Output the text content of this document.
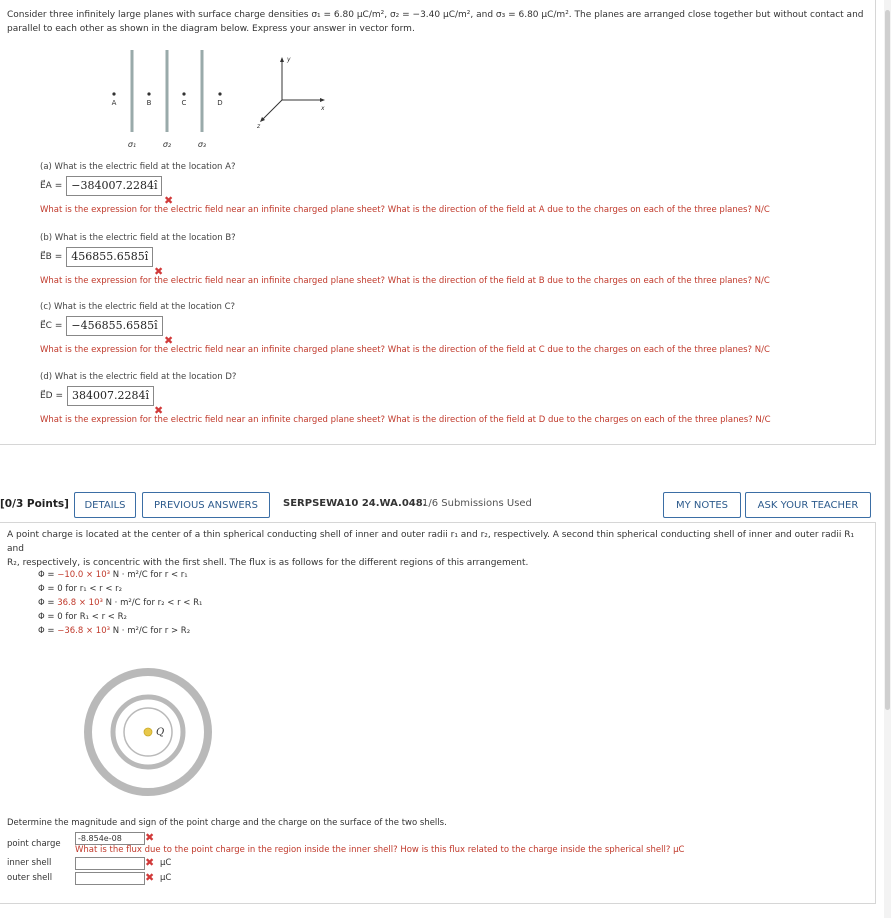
Consider three infinitely large planes with surface charge densities σ₁ = 6.80 μC/m², σ₂ = −3.40 μC/m², and σ₃ = 6.80 μC/m². The planes are arranged close together but without contact and
parallel to each other as shown in the diagram below. Express your answer in vector form.
A	B	C	D
σ₁	σ₂	σ₃
y
x
z
(a) What is the electric field at the location A?
E⃗A = −384007.2284î
✖
What is the expression for the electric field near an infinite charged plane sheet? What is the direction of the field at A due to the charges on each of the three planes? N/C
(b) What is the electric field at the location B?
E⃗B = 456855.6585î
✖
What is the expression for the electric field near an infinite charged plane sheet? What is the direction of the field at B due to the charges on each of the three planes? N/C
(c) What is the electric field at the location C?
E⃗C = −456855.6585î
✖
What is the expression for the electric field near an infinite charged plane sheet? What is the direction of the field at C due to the charges on each of the three planes? N/C
(d) What is the electric field at the location D?
E⃗D = 384007.2284î
✖
What is the expression for the electric field near an infinite charged plane sheet? What is the direction of the field at D due to the charges on each of the three planes? N/C
[0/3 Points]	DETAILS	PREVIOUS ANSWERS	SERPSEWA10 24.WA.048.
1/6 Submissions Used	MY NOTES	ASK YOUR TEACHER
A point charge is located at the center of a thin spherical conducting shell of inner and outer radii r₁ and r₂, respectively. A second thin spherical conducting shell of inner and outer radii R₁ and
R₂, respectively, is concentric with the first shell. The flux is as follows for the different regions of this arrangement.
Φ = −10.0 × 10³ N · m²/C for r < r₁
Φ = 0 for r₁ < r < r₂
Φ = 36.8 × 10³ N · m²/C for r₂ < r < R₁
Φ = 0 for R₁ < r < R₂
Φ = −36.8 × 10³ N · m²/C for r > R₂
Q
Determine the magnitude and sign of the point charge and the charge on the surface of the two shells.
point charge
-8.854e-08	✖
What is the flux due to the point charge in the region inside the inner shell? How is this flux related to the charge inside the spherical shell? μC
inner shell	✖ μC
outer shell	✖ μC
